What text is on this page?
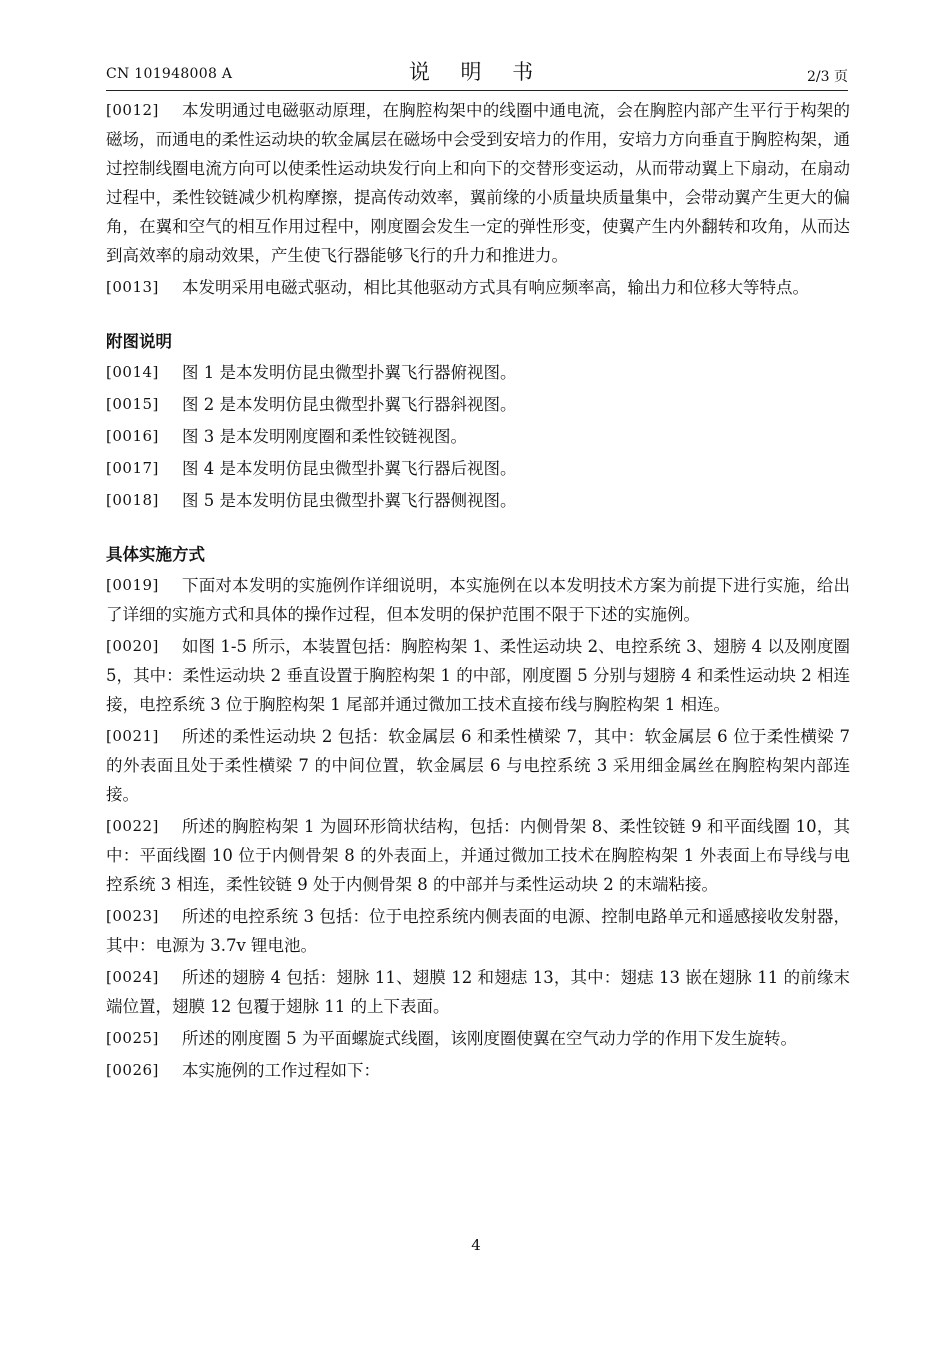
CN 101948008 A	说 明 书	2/3 页
[0012]	本发明通过电磁驱动原理，在胸腔构架中的线圈中通电流，会在胸腔内部产生平行于构架的磁场，而通电的柔性运动块的软金属层在磁场中会受到安培力的作用，安培力方向垂直于胸腔构架，通过控制线圈电流方向可以使柔性运动块发行向上和向下的交替形变运动，从而带动翼上下扇动，在扇动过程中，柔性铰链减少机构摩擦，提高传动效率，翼前缘的小质量块质量集中，会带动翼产生更大的偏角，在翼和空气的相互作用过程中，刚度圈会发生一定的弹性形变，使翼产生内外翻转和攻角，从而达到高效率的扇动效果，产生使飞行器能够飞行的升力和推进力。
[0013]	本发明采用电磁式驱动，相比其他驱动方式具有响应频率高，输出力和位移大等特点。
附图说明
[0014]	图 1 是本发明仿昆虫微型扑翼飞行器俯视图。
[0015]	图 2 是本发明仿昆虫微型扑翼飞行器斜视图。
[0016]	图 3 是本发明刚度圈和柔性铰链视图。
[0017]	图 4 是本发明仿昆虫微型扑翼飞行器后视图。
[0018]	图 5 是本发明仿昆虫微型扑翼飞行器侧视图。
具体实施方式
[0019]	下面对本发明的实施例作详细说明，本实施例在以本发明技术方案为前提下进行实施，给出了详细的实施方式和具体的操作过程，但本发明的保护范围不限于下述的实施例。
[0020]	如图 1-5 所示，本装置包括：胸腔构架 1、柔性运动块 2、电控系统 3、翅膀 4 以及刚度圈 5，其中：柔性运动块 2 垂直设置于胸腔构架 1 的中部，刚度圈 5 分别与翅膀 4 和柔性运动块 2 相连接，电控系统 3 位于胸腔构架 1 尾部并通过微加工技术直接布线与胸腔构架 1 相连。
[0021]	所述的柔性运动块 2 包括：软金属层 6 和柔性横梁 7，其中：软金属层 6 位于柔性横梁 7 的外表面且处于柔性横梁 7 的中间位置，软金属层 6 与电控系统 3 采用细金属丝在胸腔构架内部连接。
[0022]	所述的胸腔构架 1 为圆环形筒状结构，包括：内侧骨架 8、柔性铰链 9 和平面线圈 10，其中：平面线圈 10 位于内侧骨架 8 的外表面上，并通过微加工技术在胸腔构架 1 外表面上布导线与电控系统 3 相连，柔性铰链 9 处于内侧骨架 8 的中部并与柔性运动块 2 的末端粘接。
[0023]	所述的电控系统 3 包括：位于电控系统内侧表面的电源、控制电路单元和遥感接收发射器，其中：电源为 3.7v 锂电池。
[0024]	所述的翅膀 4 包括：翅脉 11、翅膜 12 和翅痣 13，其中：翅痣 13 嵌在翅脉 11 的前缘末端位置，翅膜 12 包覆于翅脉 11 的上下表面。
[0025]	所述的刚度圈 5 为平面螺旋式线圈，该刚度圈使翼在空气动力学的作用下发生旋转。
[0026]	本实施例的工作过程如下：
4
